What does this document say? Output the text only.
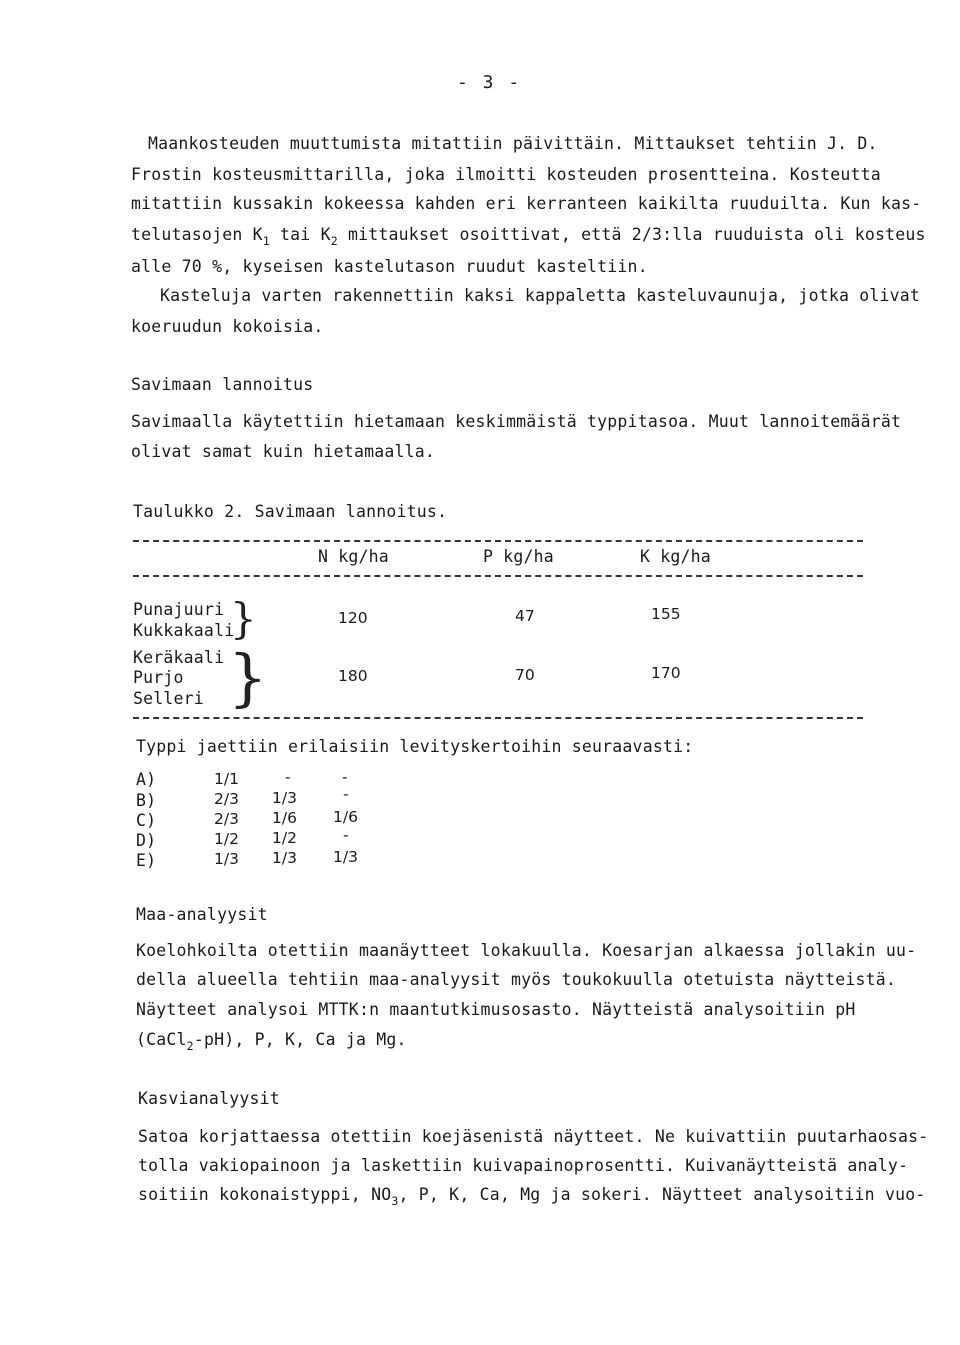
- 3 -
Maankosteuden muuttumista mitattiin päivittäin. Mittaukset tehtiin J. D.
Frostin kosteusmittarilla, joka ilmoitti kosteuden prosentteina. Kosteutta
mitattiin kussakin kokeessa kahden eri kerranteen kaikilta ruuduilta. Kun kas-
telutasojen $K_1$ tai $K_2$ mittaukset osoittivat, että 2/3:lla ruuduista oli kosteus
alle 70 %, kyseisen kastelutason ruudut kasteltiin.
Kasteluja varten rakennettiin kaksi kappaletta kasteluvaunuja, jotka olivat
koeruudun kokoisia.
Savimaan lannoitus
Savimaalla käytettiin hietamaan keskimmäistä typpitasoa. Muut lannoitemäärät
olivat samat kuin hietamaalla.
Taulukko 2. Savimaan lannoitus.
N kg/ha	P kg/ha	K kg/ha
Punajuuri
Kukkakaali
}	120	47	155
Keräkaali
Purjo
Selleri }	180	70	170
Typpi jaettiin erilaisiin levityskertoihin seuraavasti:
A)	1/1	-	-
B)	2/3 1/3	-
C)	2/3 1/6 1/6
D)	1/2 1/2	-
E)	1/3 1/3 1/3
Maa-analyysit
Koelohkoilta otettiin maanäytteet lokakuulla. Koesarjan alkaessa jollakin uu-
della alueella tehtiin maa-analyysit myös toukokuulla otetuista näytteistä.
Näytteet analysoi MTTK:n maantutkimusosasto. Näytteistä analysoitiin pH
(CaCl$_2$-pH), P, K, Ca ja Mg.
Kasvianalyysit
Satoa korjattaessa otettiin koejäsenistä näytteet. Ne kuivattiin puutarhaosas-
tolla vakiopainoon ja laskettiin kuivapainoprosentti. Kuivanäytteistä analy-
soitiin kokonaistyppi, $NO_3$, P, K, Ca, Mg ja sokeri. Näytteet analysoitiin vuo-
